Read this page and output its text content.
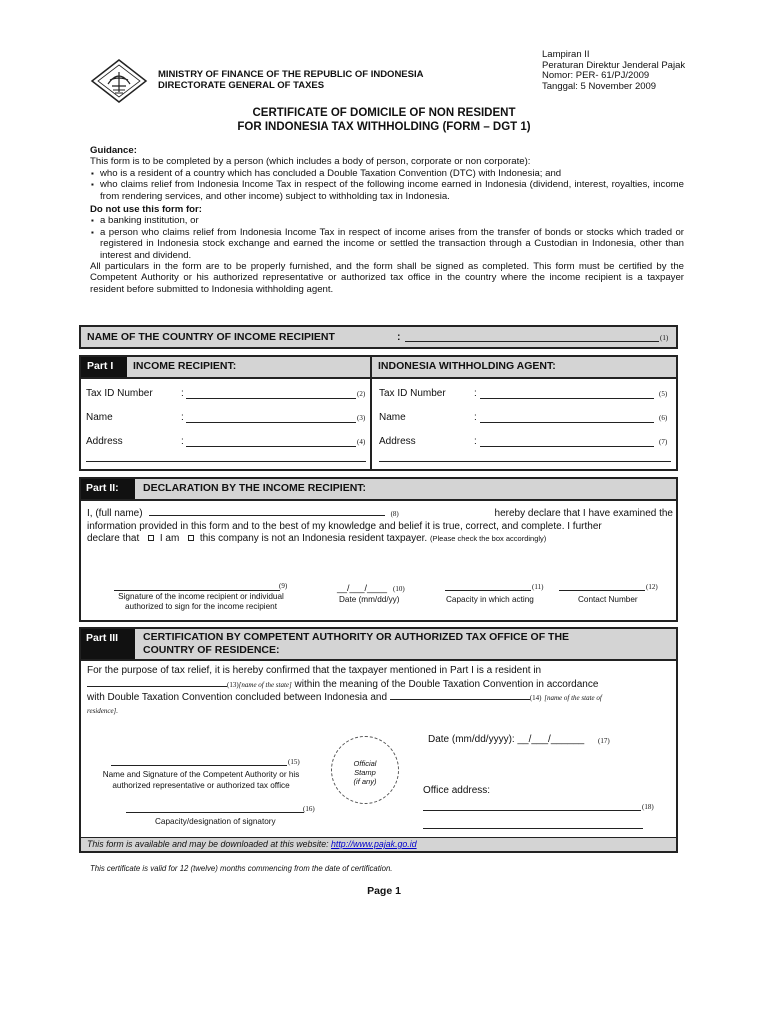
MINISTRY OF FINANCE OF THE REPUBLIC OF INDONESIA
DIRECTORATE GENERAL OF TAXES
Lampiran II
Peraturan Direktur Jenderal Pajak
Nomor: PER- 61/PJ/2009
Tanggal: 5 November 2009
CERTIFICATE OF DOMICILE OF NON RESIDENT
FOR INDONESIA TAX WITHHOLDING (FORM – DGT 1)

Guidance:

This form is to be completed by a person (which includes a body of person, corporate or non corporate):

▪ who is a resident of a country which has concluded a Double Taxation Convention (DTC) with Indonesia; and
▪ who claims relief from Indonesia Income Tax in respect of the following income earned in Indonesia (dividend, interest, royalties, income from rendering services, and other income) subject to withholding tax in Indonesia.

Do not use this form for:

▪ a banking institution, or
▪ a person who claims relief from Indonesia Income Tax in respect of income arises from the transfer of bonds or stocks which traded or registered in Indonesia stock exchange and earned the income or settled the transaction through a Custodian in Indonesia, other than interest and dividend.

All particulars in the form are to be properly furnished, and the form shall be signed as completed. This form must be certified by the Competent Authority or his authorized representative or authorized tax office in the country where the income recipient is a taxpayer resident before submitted to Indonesia withholding agent.

NAME OF THE COUNTRY OF INCOME RECIPIENT	:	(1)
Part I	INCOME RECIPIENT:	INDONESIA WITHHOLDING AGENT:
Tax ID Number	:	(2)
Name	:	(3)
Address	:	(4)
Tax ID Number	:	(5)
Name	:	(6)
Address	:	(7)
Part II:	DECLARATION BY THE INCOME RECIPIENT:
I, (full name)	(8)	hereby declare that I have examined the
information provided in this form and to the best of my knowledge and belief it is true, correct, and complete. I further
declare that I am this company is not an Indonesia resident taxpayer. (Please check the box accordingly)
(9)
Signature of the income recipient or individual
authorized to sign for the income recipient
__/___/____ (10)
Date (mm/dd/yy)
(11)
Capacity in which acting
(12)
Contact Number
Part III	CERTIFICATION BY COMPETENT AUTHORITY OR AUTHORIZED TAX OFFICE OF THE
COUNTRY OF RESIDENCE:
For the purpose of tax relief, it is hereby confirmed that the taxpayer mentioned in Part I is a resident in
(13)[name of the state] within the meaning of the Double Taxation Convention in accordance
with Double Taxation Convention concluded between Indonesia and	(14) [name of the state of
residence].
Date (mm/dd/yyyy): __/___/______ (17)
Official
Stamp
(if any)
(15)
Name and Signature of the Competent Authority or his
authorized representative or authorized tax office
(16)
Capacity/designation of signatory
Office address:
(18)
This form is available and may be downloaded at this website: http://www.pajak.go.id
This certificate is valid for 12 (twelve) months commencing from the date of certification.
Page 1
